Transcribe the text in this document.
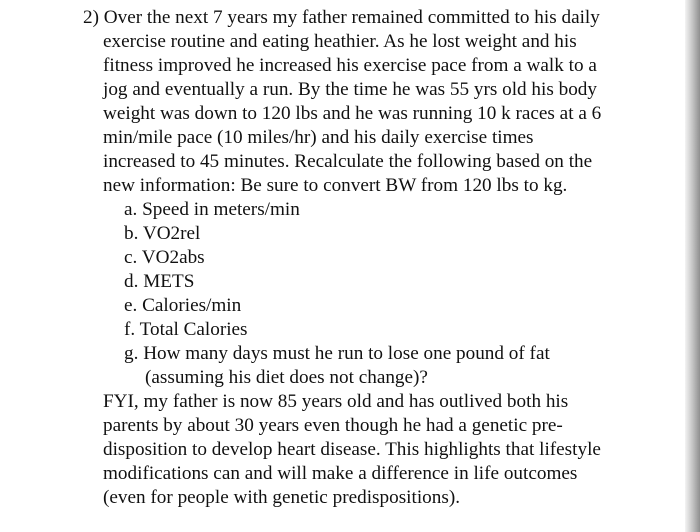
2) Over the next 7 years my father remained committed to his daily
exercise routine and eating heathier. As he lost weight and his
fitness improved he increased his exercise pace from a walk to a
jog and eventually a run. By the time he was 55 yrs old his body
weight was down to 120 lbs and he was running 10 k races at a 6
min/mile pace (10 miles/hr) and his daily exercise times
increased to 45 minutes. Recalculate the following based on the
new information: Be sure to convert BW from 120 lbs to kg.
a. Speed in meters/min
b. VO2rel
c. VO2abs
d. METS
e. Calories/min
f. Total Calories
g. How many days must he run to lose one pound of fat
(assuming his diet does not change)?
FYI, my father is now 85 years old and has outlived both his
parents by about 30 years even though he had a genetic pre-
disposition to develop heart disease. This highlights that lifestyle
modifications can and will make a difference in life outcomes
(even for people with genetic predispositions).
